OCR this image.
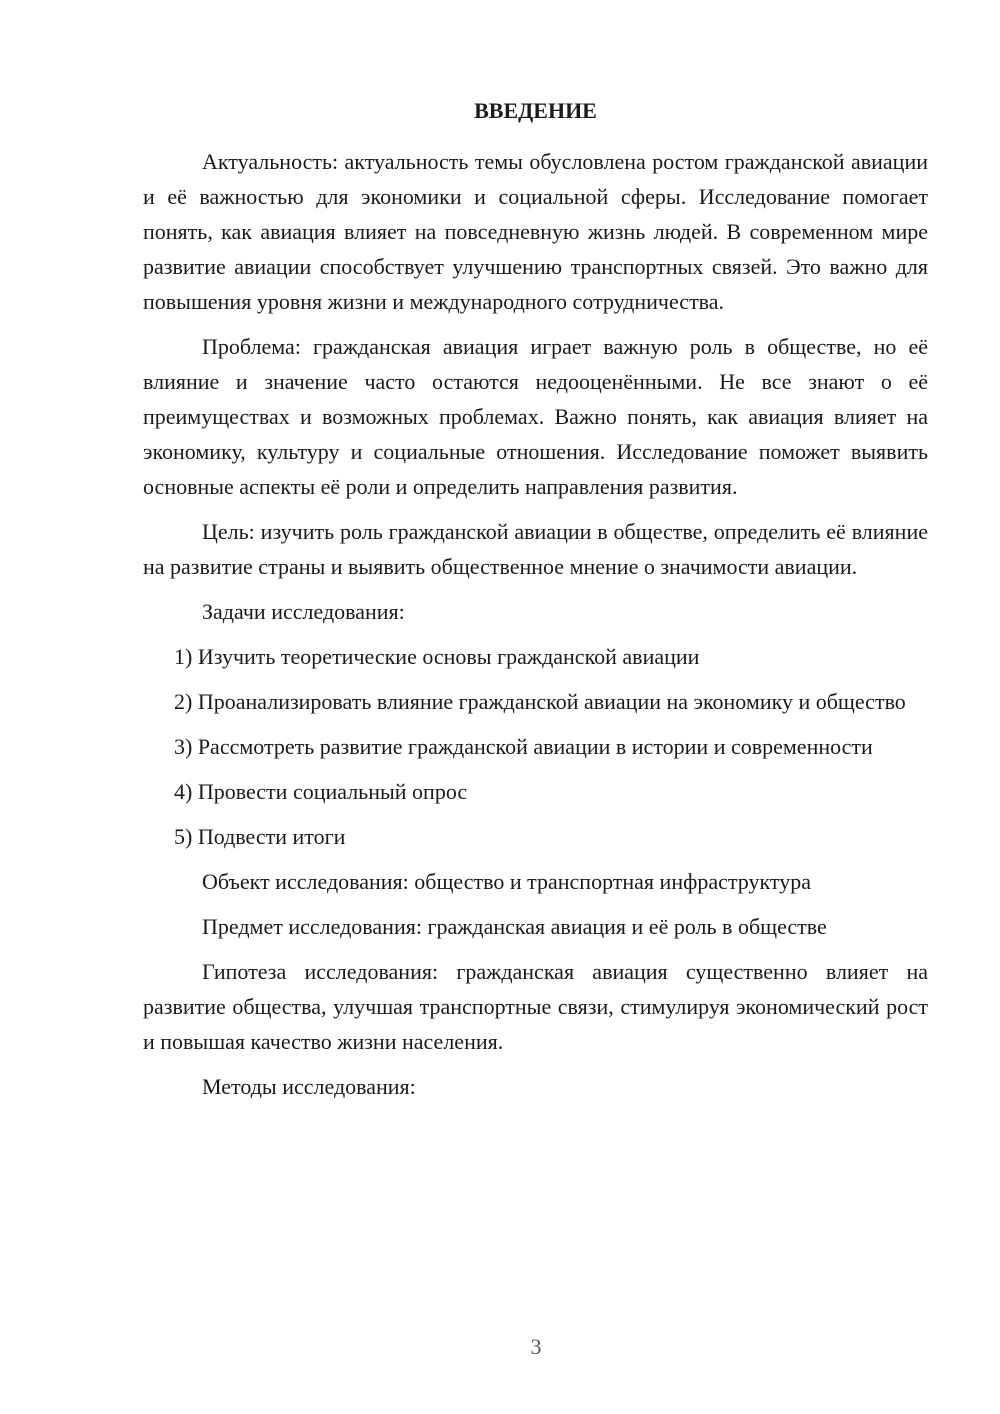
ВВЕДЕНИЕ

Актуальность: актуальность темы обусловлена ростом гражданской авиации и её важностью для экономики и социальной сферы. Исследование помогает понять, как авиация влияет на повседневную жизнь людей. В современном мире развитие авиации способствует улучшению транспортных связей. Это важно для повышения уровня жизни и международного сотрудничества.

Проблема: гражданская авиация играет важную роль в обществе, но её влияние и значение часто остаются недооценёнными. Не все знают о её преимуществах и возможных проблемах. Важно понять, как авиация влияет на экономику, культуру и социальные отношения. Исследование поможет выявить основные аспекты её роли и определить направления развития.

Цель: изучить роль гражданской авиации в обществе, определить её влияние на развитие страны и выявить общественное мнение о значимости авиации.

Задачи исследования:

1) Изучить теоретические основы гражданской авиации

2) Проанализировать влияние гражданской авиации на экономику и общество

3) Рассмотреть развитие гражданской авиации в истории и современности

4) Провести социальный опрос

5) Подвести итоги

Объект исследования: общество и транспортная инфраструктура

Предмет исследования: гражданская авиация и её роль в обществе

Гипотеза исследования: гражданская авиация существенно влияет на развитие общества, улучшая транспортные связи, стимулируя экономический рост и повышая качество жизни населения.

Методы исследования:

3
